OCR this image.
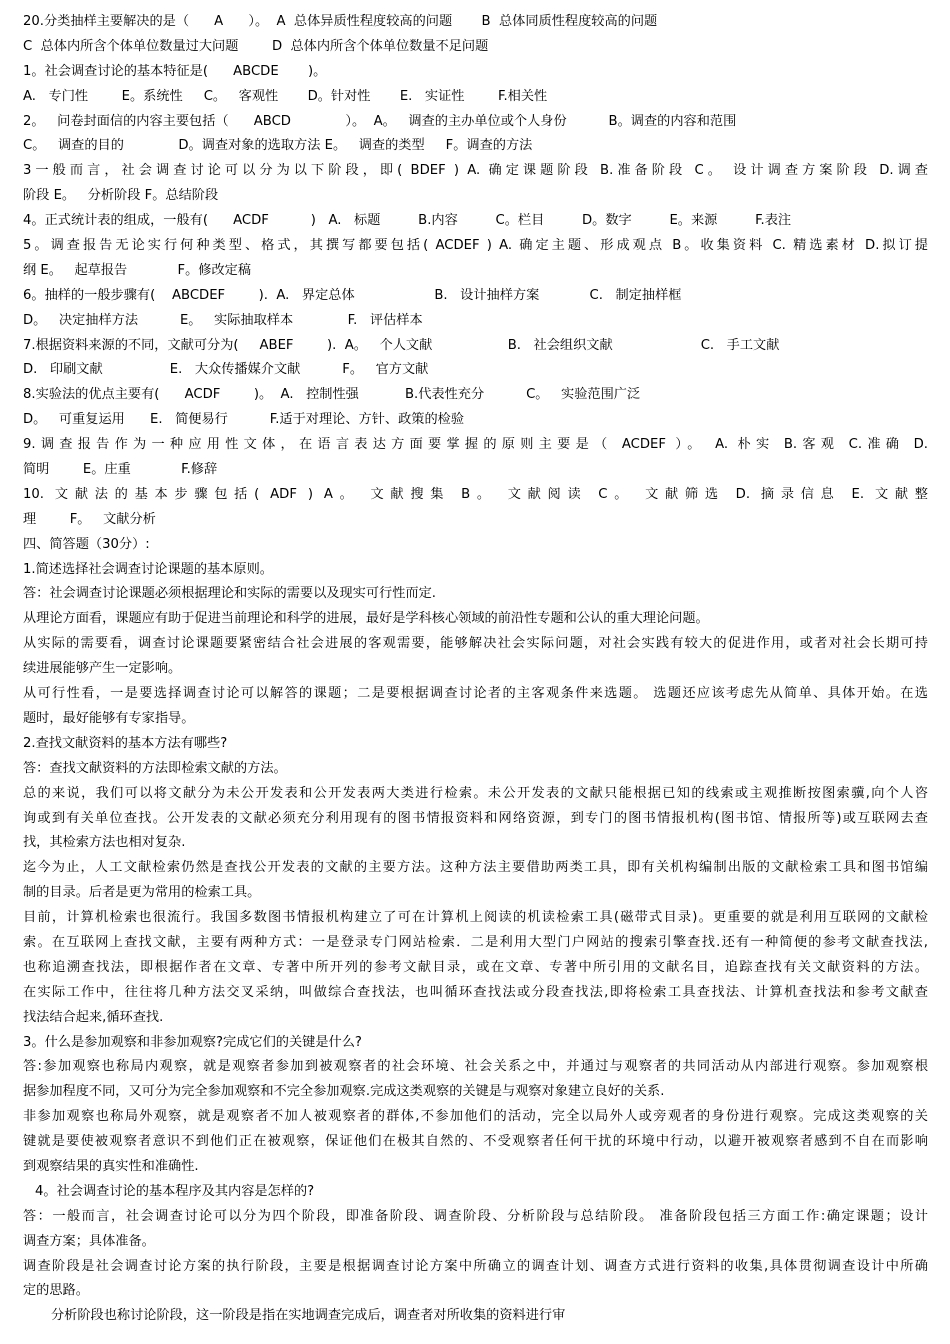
20.分类抽样主要解决的是（      A      ）。  A  总体异质性程度较高的问题       B  总体同质性程度较高的问题
C  总体内所含个体单位数量过大问题        D  总体内所含个体单位数量不足问题
1。社会调查讨论的基本特征是(      ABCDE       )。
A.   专门性        E。系统性     C。   客观性       D。针对性       E.   实证性        F.相关性
2。   问卷封面信的内容主要包括（      ABCD             ）。  A。   调查的主办单位或个人身份          B。调查的内容和范围
C。   调查的目的             D。调查对象的选取方法 E。   调查的类型     F。调查的方法
3一般而言，社会调查讨论可以分为以下阶段，即( BDEF ) A. 确定课题阶段 B.准备阶段 C。 设计调查方案阶段 D.调查
阶段 E。   分析阶段 F。总结阶段
4。正式统计表的组成，一般有(      ACDF          )   A.   标题         B.内容         C。栏目         D。数字         E。来源         F.表注
5。调查报告无论实行何种类型、格式，其撰写都要包括( ACDEF ) A. 确定主题、形成观点 B。收集资料 C. 精选素材 D.拟订提
纲 E。   起草报告            F。修改定稿
6。抽样的一般步骤有(    ABCDEF        ).  A.   界定总体                   B.   设计抽样方案            C.   制定抽样框
D。   决定抽样方法          E。   实际抽取样本             F.   评估样本
7.根据资料来源的不同，文献可分为(     ABEF        ).  A。   个人文献                  B.   社会组织文献                     C.   手工文献
D.   印刷文献                E.   大众传播媒介文献          F。   官方文献
8.实验法的优点主要有(      ACDF        )。  A.   控制性强           B.代表性充分          C。   实验范围广泛
D。   可重复运用      E.   简便易行          F.适于对理论、方针、政策的检验
9.调查报告作为一种应用性文体，在语言表达方面要掌握的原则主要是（ ACDEF ）。 A. 朴实 B.客观 C.准确 D.
简明        E。庄重            F.修辞
10. 文献法的基本步骤包括( ADF ) A。 文献搜集 B。 文献阅读 C。 文献筛选 D. 摘录信息 E. 文献整
理        F。   文献分析
四、简答题（30分）:
1.简述选择社会调查讨论课题的基本原则。
答：社会调查讨论课题必须根据理论和实际的需要以及现实可行性而定.
从理论方面看，课题应有助于促进当前理论和科学的进展，最好是学科核心领域的前沿性专题和公认的重大理论问题。
从实际的需要看，调查讨论课题要紧密结合社会进展的客观需要，能够解决社会实际问题，对社会实践有较大的促进作用，或者对社会长期可持
续进展能够产生一定影响。
从可行性看，一是要选择调查讨论可以解答的课题；二是要根据调查讨论者的主客观条件来选题。 选题还应该考虑先从简单、具体开始。在选
题时，最好能够有专家指导。
2.查找文献资料的基本方法有哪些?
答：查找文献资料的方法即检索文献的方法。
总的来说，我们可以将文献分为未公开发表和公开发表两大类进行检索。未公开发表的文献只能根据已知的线索或主观推断按图索骥,向个人咨
询或到有关单位查找。公开发表的文献必须充分利用现有的图书情报资料和网络资源，到专门的图书情报机构(图书馆、情报所等)或互联网去查
找，其检索方法也相对复杂.
迄今为止，人工文献检索仍然是查找公开发表的文献的主要方法。这种方法主要借助两类工具，即有关机构编制出版的文献检索工具和图书馆编
制的目录。后者是更为常用的检索工具。
目前，计算机检索也很流行。我国多数图书情报机构建立了可在计算机上阅读的机读检索工具(磁带式目录)。更重要的就是利用互联网的文献检
索。在互联网上查找文献，主要有两种方式：一是登录专门网站检索．二是利用大型门户网站的搜索引擎查找.还有一种简便的参考文献查找法,
也称追溯查找法，即根据作者在文章、专著中所开列的参考文献目录，或在文章、专著中所引用的文献名目，追踪查找有关文献资料的方法。
在实际工作中，往往将几种方法交叉采纳，叫做综合查找法，也叫循环查找法或分段查找法,即将检索工具查找法、计算机查找法和参考文献查
找法结合起来,循环查找.
3。什么是参加观察和非参加观察?完成它们的关键是什么?
答:参加观察也称局内观察，就是观察者参加到被观察者的社会环境、社会关系之中，并通过与观察者的共同活动从内部进行观察。参加观察根
据参加程度不同，又可分为完全参加观察和不完全参加观察.完成这类观察的关键是与观察对象建立良好的关系.
非参加观察也称局外观察，就是观察者不加人被观察者的群体,不参加他们的活动，完全以局外人或旁观者的身份进行观察。完成这类观察的关
键就是要使被观察者意识不到他们正在被观察，保证他们在极其自然的、不受观察者任何干扰的环境中行动，以避开被观察者感到不自在而影响
到观察结果的真实性和准确性.
4。社会调查讨论的基本程序及其内容是怎样的?
答：一般而言，社会调查讨论可以分为四个阶段，即准备阶段、调查阶段、分析阶段与总结阶段。 准备阶段包括三方面工作:确定课题；设计
调查方案；具体准备。
调查阶段是社会调查讨论方案的执行阶段，主要是根据调查讨论方案中所确立的调查计划、调查方式进行资料的收集,具体贯彻调查设计中所确
定的思路。
分析阶段也称讨论阶段，这一阶段是指在实地调查完成后，调查者对所收集的资料进行审
